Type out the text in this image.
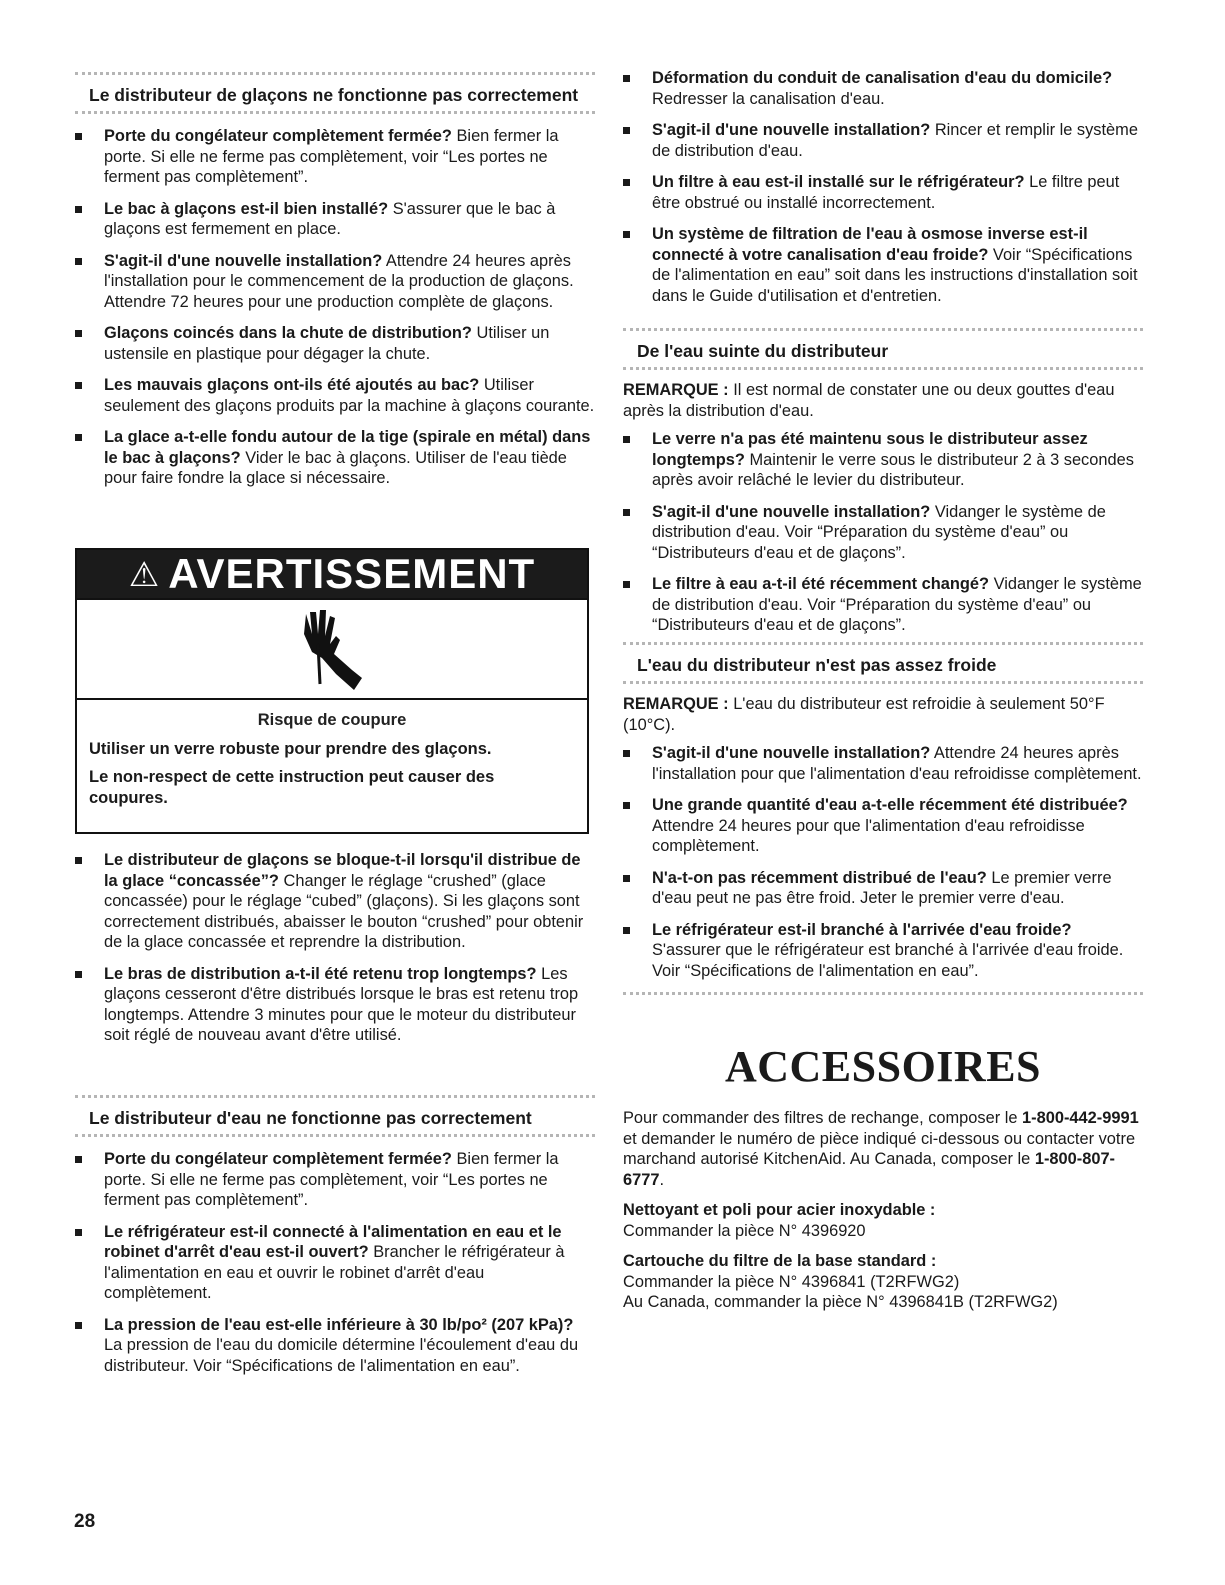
Le distributeur de glaçons ne fonctionne pas correctement
Porte du congélateur complètement fermée? Bien fermer la porte. Si elle ne ferme pas complètement, voir “Les portes ne ferment pas complètement”.
Le bac à glaçons est-il bien installé? S'assurer que le bac à glaçons est fermement en place.
S'agit-il d'une nouvelle installation? Attendre 24 heures après l'installation pour le commencement de la production de glaçons. Attendre 72 heures pour une production complète de glaçons.
Glaçons coincés dans la chute de distribution? Utiliser un ustensile en plastique pour dégager la chute.
Les mauvais glaçons ont-ils été ajoutés au bac? Utiliser seulement des glaçons produits par la machine à glaçons courante.
La glace a-t-elle fondu autour de la tige (spirale en métal) dans le bac à glaçons? Vider le bac à glaçons. Utiliser de l'eau tiède pour faire fondre la glace si nécessaire.
Le distributeur de glaçons se bloque-t-il lorsqu'il distribue de la glace “concassée”? Changer le réglage “crushed” (glace concassée) pour le réglage “cubed” (glaçons). Si les glaçons sont correctement distribués, abaisser le bouton “crushed” pour obtenir de la glace concassée et reprendre la distribution.
Le bras de distribution a-t-il été retenu trop longtemps? Les glaçons cesseront d'être distribués lorsque le bras est retenu trop longtemps. Attendre 3 minutes pour que le moteur du distributeur soit réglé de nouveau avant d'être utilisé.
Le distributeur d'eau ne fonctionne pas correctement
Porte du congélateur complètement fermée? Bien fermer la porte. Si elle ne ferme pas complètement, voir “Les portes ne ferment pas complètement”.
Le réfrigérateur est-il connecté à l'alimentation en eau et le robinet d'arrêt d'eau est-il ouvert? Brancher le réfrigérateur à l'alimentation en eau et ouvrir le robinet d'arrêt d'eau complètement.
La pression de l'eau est-elle inférieure à 30 lb/po² (207 kPa)? La pression de l'eau du domicile détermine l'écoulement d'eau du distributeur. Voir “Spécifications de l'alimentation en eau”.
⚠ AVERTISSEMENT
Risque de coupure
Utiliser un verre robuste pour prendre des glaçons.
Le non-respect de cette instruction peut causer des coupures.
Déformation du conduit de canalisation d'eau du domicile? Redresser la canalisation d'eau.
S'agit-il d'une nouvelle installation? Rincer et remplir le système de distribution d'eau.
Un filtre à eau est-il installé sur le réfrigérateur? Le filtre peut être obstrué ou installé incorrectement.
Un système de filtration de l'eau à osmose inverse est-il connecté à votre canalisation d'eau froide? Voir “Spécifications de l'alimentation en eau” soit dans les instructions d'installation soit dans le Guide d'utilisation et d'entretien.
De l'eau suinte du distributeur
REMARQUE : Il est normal de constater une ou deux gouttes d'eau après la distribution d'eau.
Le verre n'a pas été maintenu sous le distributeur assez longtemps? Maintenir le verre sous le distributeur 2 à 3 secondes après avoir relâché le levier du distributeur.
S'agit-il d'une nouvelle installation? Vidanger le système de distribution d'eau. Voir “Préparation du système d'eau” ou “Distributeurs d'eau et de glaçons”.
Le filtre à eau a-t-il été récemment changé? Vidanger le système de distribution d'eau. Voir “Préparation du système d'eau” ou “Distributeurs d'eau et de glaçons”.
L'eau du distributeur n'est pas assez froide
REMARQUE : L'eau du distributeur est refroidie à seulement 50°F (10°C).
S'agit-il d'une nouvelle installation? Attendre 24 heures après l'installation pour que l'alimentation d'eau refroidisse complètement.
Une grande quantité d'eau a-t-elle récemment été distribuée? Attendre 24 heures pour que l'alimentation d'eau refroidisse complètement.
N'a-t-on pas récemment distribué de l'eau? Le premier verre d'eau peut ne pas être froid. Jeter le premier verre d'eau.
Le réfrigérateur est-il branché à l'arrivée d'eau froide? S'assurer que le réfrigérateur est branché à l'arrivée d'eau froide. Voir “Spécifications de l'alimentation en eau”.
ACCESSOIRES
Pour commander des filtres de rechange, composer le 1-800-442-9991 et demander le numéro de pièce indiqué ci-dessous ou contacter votre marchand autorisé KitchenAid. Au Canada, composer le 1-800-807-6777.
Nettoyant et poli pour acier inoxydable :
Commander la pièce N° 4396920
Cartouche du filtre de la base standard :
Commander la pièce N° 4396841 (T2RFWG2)
Au Canada, commander la pièce N° 4396841B (T2RFWG2)
28
